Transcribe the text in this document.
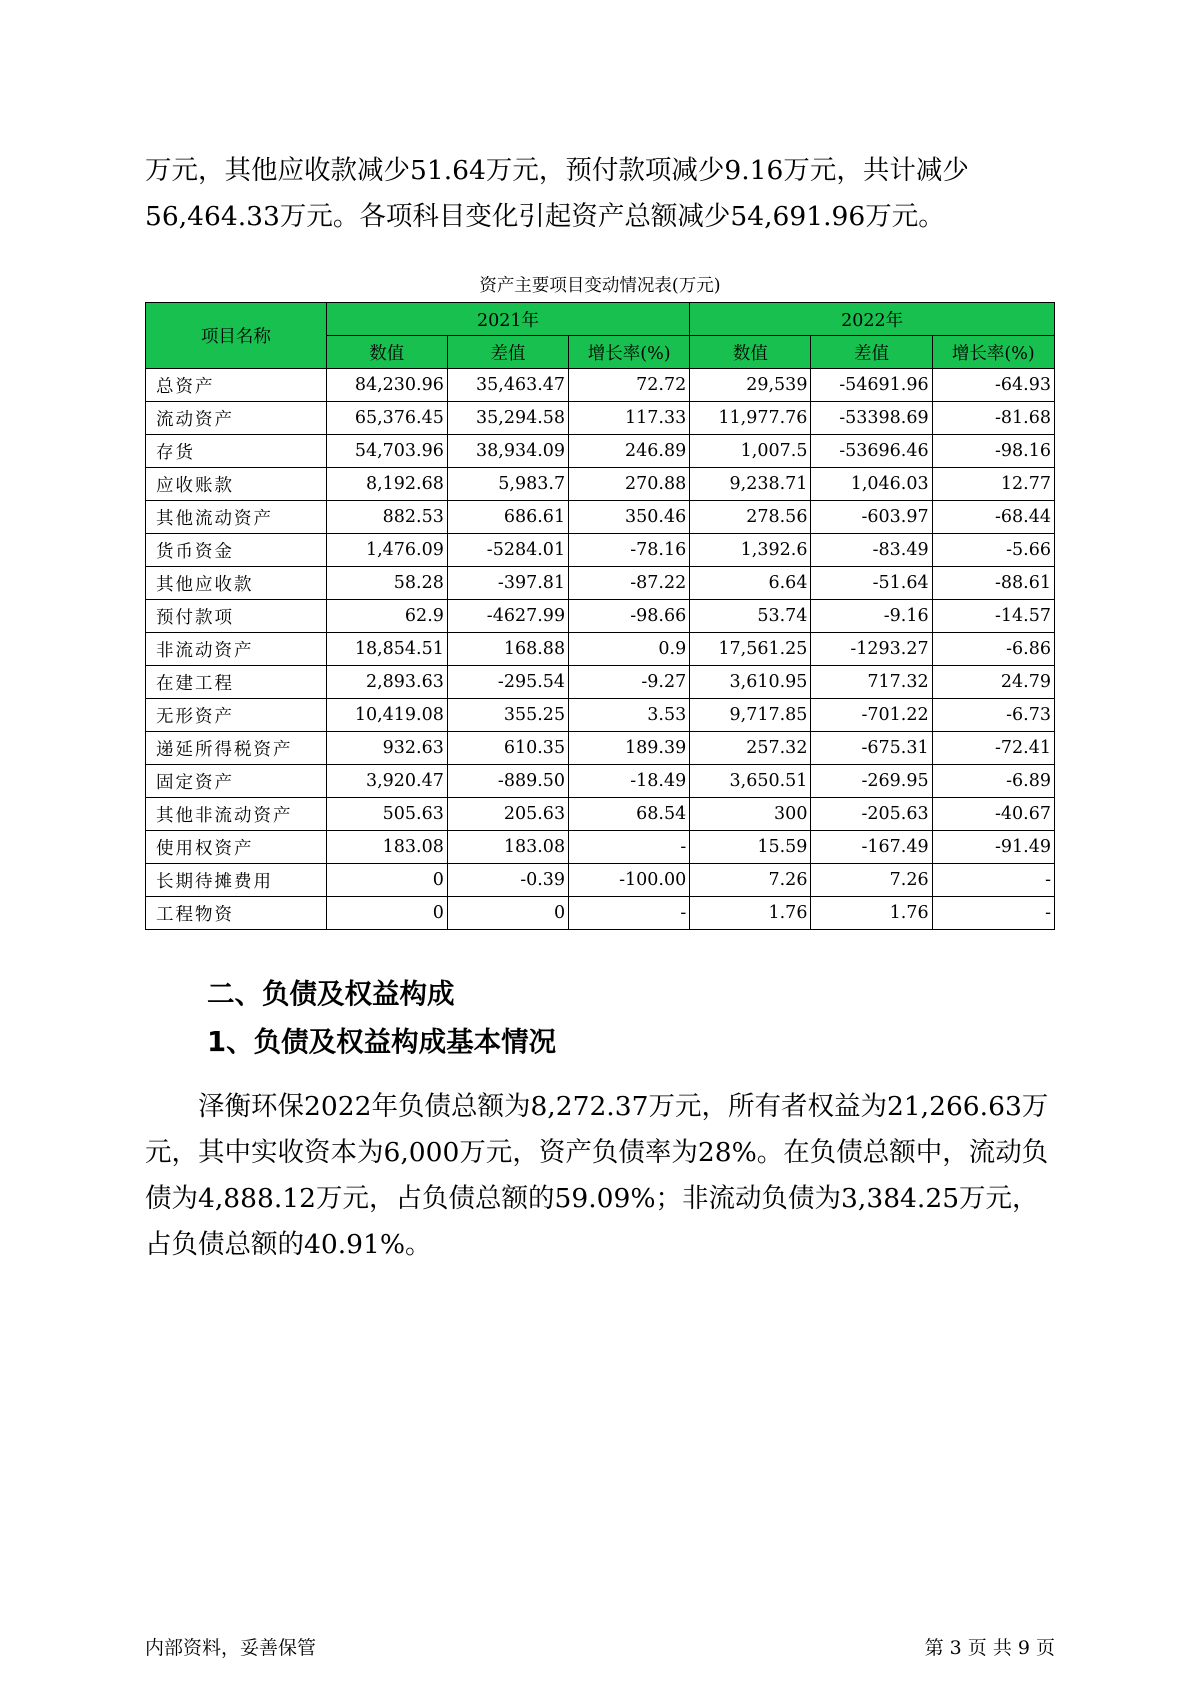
万元，其他应收款减少51.64万元，预付款项减少9.16万元，共计减少56,464.33万元。各项科目变化引起资产总额减少54,691.96万元。

资产主要项目变动情况表(万元)

项目名称	2021年			2022年		
	数值	差值	增长率(%)	数值	差值	增长率(%)
总资产	84,230.96	35,463.47	72.72	29,539	-54691.96	-64.93
流动资产	65,376.45	35,294.58	117.33	11,977.76	-53398.69	-81.68
存货	54,703.96	38,934.09	246.89	1,007.5	-53696.46	-98.16
应收账款	8,192.68	5,983.7	270.88	9,238.71	1,046.03	12.77
其他流动资产	882.53	686.61	350.46	278.56	-603.97	-68.44
货币资金	1,476.09	-5284.01	-78.16	1,392.6	-83.49	-5.66
其他应收款	58.28	-397.81	-87.22	6.64	-51.64	-88.61
预付款项	62.9	-4627.99	-98.66	53.74	-9.16	-14.57
非流动资产	18,854.51	168.88	0.9	17,561.25	-1293.27	-6.86
在建工程	2,893.63	-295.54	-9.27	3,610.95	717.32	24.79
无形资产	10,419.08	355.25	3.53	9,717.85	-701.22	-6.73
递延所得税资产	932.63	610.35	189.39	257.32	-675.31	-72.41
固定资产	3,920.47	-889.50	-18.49	3,650.51	-269.95	-6.89
其他非流动资产	505.63	205.63	68.54	300	-205.63	-40.67
使用权资产	183.08	183.08	-	15.59	-167.49	-91.49
长期待摊费用	0	-0.39	-100.00	7.26	7.26	-
工程物资	0	0	-	1.76	1.76	-
二、负债及权益构成
1、负债及权益构成基本情况

泽衡环保2022年负债总额为8,272.37万元，所有者权益为21,266.63万元，其中实收资本为6,000万元，资产负债率为28%。在负债总额中，流动负债为4,888.12万元，占负债总额的59.09%；非流动负债为3,384.25万元，占负债总额的40.91%。

内部资料，妥善保管	第 3 页 共 9 页
